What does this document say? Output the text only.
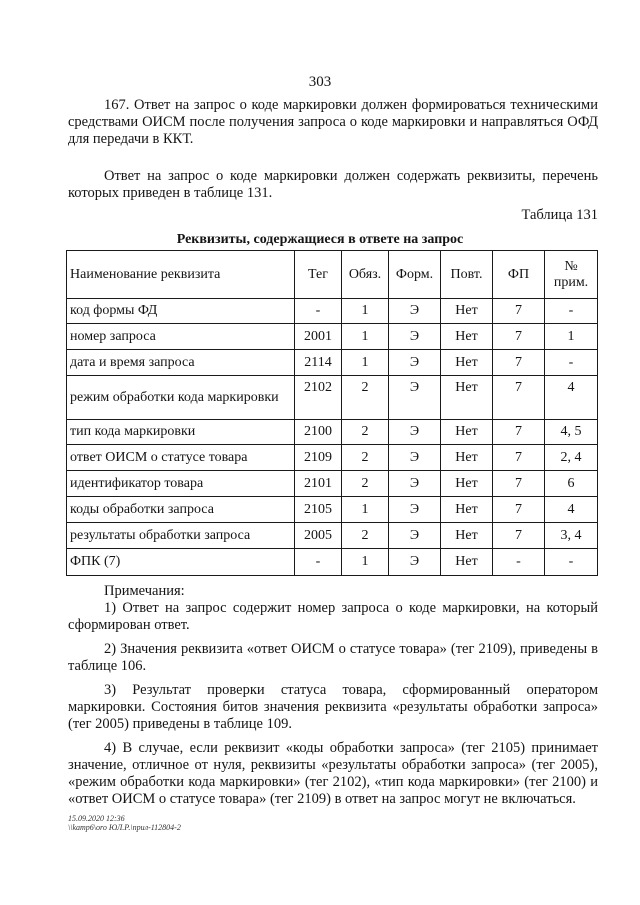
303

167. Ответ на запрос о коде маркировки должен формироваться техническими средствами ОИСМ после получения запроса о коде маркировки и направляться ОФД для передачи в ККТ.

Ответ на запрос о коде маркировки должен содержать реквизиты, перечень которых приведен в таблице 131.

Таблица 131
Реквизиты, содержащиеся в ответе на запрос
Наименование реквизита	Тег	Обяз.	Форм.	Повт.	ФП	№ прим.
код формы ФД	-	1	Э	Нет	7	-
номер запроса	2001	1	Э	Нет	7	1
дата и время запроса	2114	1	Э	Нет	7	-
режим обработки кода маркировки	2102	2	Э	Нет	7	4
тип кода маркировки	2100	2	Э	Нет	7	4, 5
ответ ОИСМ о статусе товара	2109	2	Э	Нет	7	2, 4
идентификатор товара	2101	2	Э	Нет	7	6
коды обработки запроса	2105	1	Э	Нет	7	4
результаты обработки запроса	2005	2	Э	Нет	7	3, 4
ФПК (7)	-	1	Э	Нет	-	-
Примечания:

1) Ответ на запрос содержит номер запроса о коде маркировки, на который сформирован ответ.

2) Значения реквизита «ответ ОИСМ о статусе товара» (тег 2109), приведены в таблице 106.

3) Результат проверки статуса товара, сформированный оператором маркировки. Состояния битов значения реквизита «результаты обработки запроса» (тег 2005) приведены в таблице 109.

4) В случае, если реквизит «коды обработки запроса» (тег 2105) принимает значение, отличное от нуля, реквизиты «результаты обработки запроса» (тег 2005), «режим обработки кода маркировки» (тег 2102), «тип кода маркировки» (тег 2100) и «ответ ОИСМ о статусе товара» (тег 2109) в ответ на запрос могут не включаться.

15.09.2020 12:36
\\kamp6\oro ЮЛ.Р.\прил-112804-2
